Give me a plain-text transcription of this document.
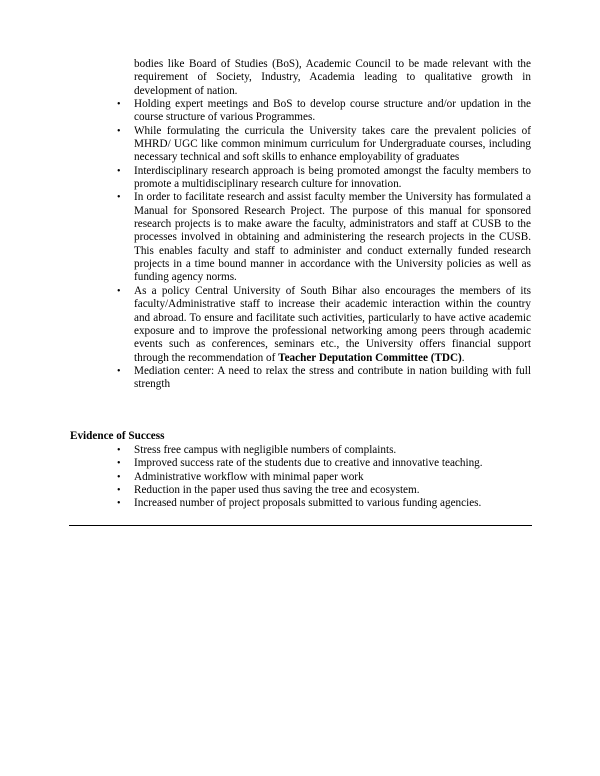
bodies like Board of Studies (BoS), Academic Council to be made relevant with the requirement of Society, Industry, Academia leading to qualitative growth in development of nation.

• Holding expert meetings and BoS to develop course structure and/or updation in the course structure of various Programmes.
• While formulating the curricula the University takes care the prevalent policies of MHRD/ UGC like common minimum curriculum for Undergraduate courses, including necessary technical and soft skills to enhance employability of graduates
• Interdisciplinary research approach is being promoted amongst the faculty members to promote a multidisciplinary research culture for innovation.
• In order to facilitate research and assist faculty member the University has formulated a Manual for Sponsored Research Project. The purpose of this manual for sponsored research projects is to make aware the faculty, administrators and staff at CUSB to the processes involved in obtaining and administering the research projects in the CUSB. This enables faculty and staff to administer and conduct externally funded research projects in a time bound manner in accordance with the University policies as well as funding agency norms.
• As a policy Central University of South Bihar also encourages the members of its faculty/Administrative staff to increase their academic interaction within the country and abroad. To ensure and facilitate such activities, particularly to have active academic exposure and to improve the professional networking among peers through academic events such as conferences, seminars etc., the University offers financial support through the recommendation of Teacher Deputation Committee (TDC).
• Mediation center: A need to relax the stress and contribute in nation building with full strength

Evidence of Success

• Stress free campus with negligible numbers of complaints.
• Improved success rate of the students due to creative and innovative teaching.
• Administrative workflow with minimal paper work
• Reduction in the paper used thus saving the tree and ecosystem.
• Increased number of project proposals submitted to various funding agencies.
